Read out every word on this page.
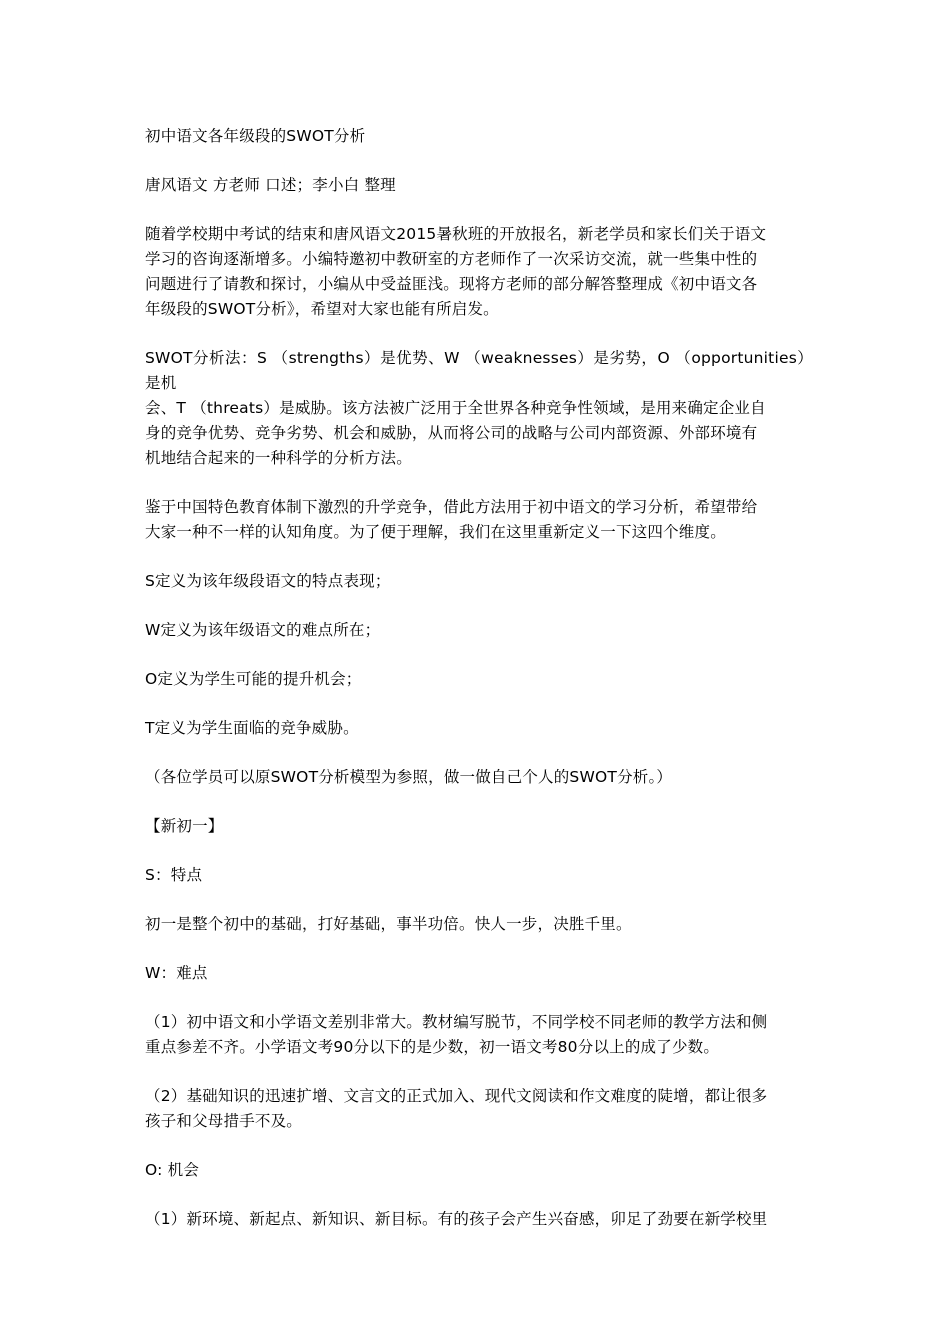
初中语文各年级段的SWOT分析

唐风语文 方老师 口述；李小白 整理

随着学校期中考试的结束和唐风语文2015暑秋班的开放报名，新老学员和家长们关于语文
学习的咨询逐渐增多。小编特邀初中教研室的方老师作了一次采访交流，就一些集中性的
问题进行了请教和探讨，小编从中受益匪浅。现将方老师的部分解答整理成《初中语文各
年级段的SWOT分析》，希望对大家也能有所启发。

SWOT分析法：S （strengths）是优势、W （weaknesses）是劣势，O （opportunities）是机
会、T （threats）是威胁。该方法被广泛用于全世界各种竞争性领域，是用来确定企业自
身的竞争优势、竞争劣势、机会和威胁，从而将公司的战略与公司内部资源、外部环境有
机地结合起来的一种科学的分析方法。

鉴于中国特色教育体制下激烈的升学竞争，借此方法用于初中语文的学习分析，希望带给
大家一种不一样的认知角度。为了便于理解，我们在这里重新定义一下这四个维度。

S定义为该年级段语文的特点表现；

W定义为该年级语文的难点所在；

O定义为学生可能的提升机会；

T定义为学生面临的竞争威胁。

（各位学员可以原SWOT分析模型为参照，做一做自己个人的SWOT分析。）

【新初一】

S：特点

初一是整个初中的基础，打好基础，事半功倍。快人一步，决胜千里。

W：难点

（1）初中语文和小学语文差别非常大。教材编写脱节，不同学校不同老师的教学方法和侧
重点参差不齐。小学语文考90分以下的是少数，初一语文考80分以上的成了少数。

（2）基础知识的迅速扩增、文言文的正式加入、现代文阅读和作文难度的陡增，都让很多
孩子和父母措手不及。

O: 机会

（1）新环境、新起点、新知识、新目标。有的孩子会产生兴奋感，卯足了劲要在新学校里
